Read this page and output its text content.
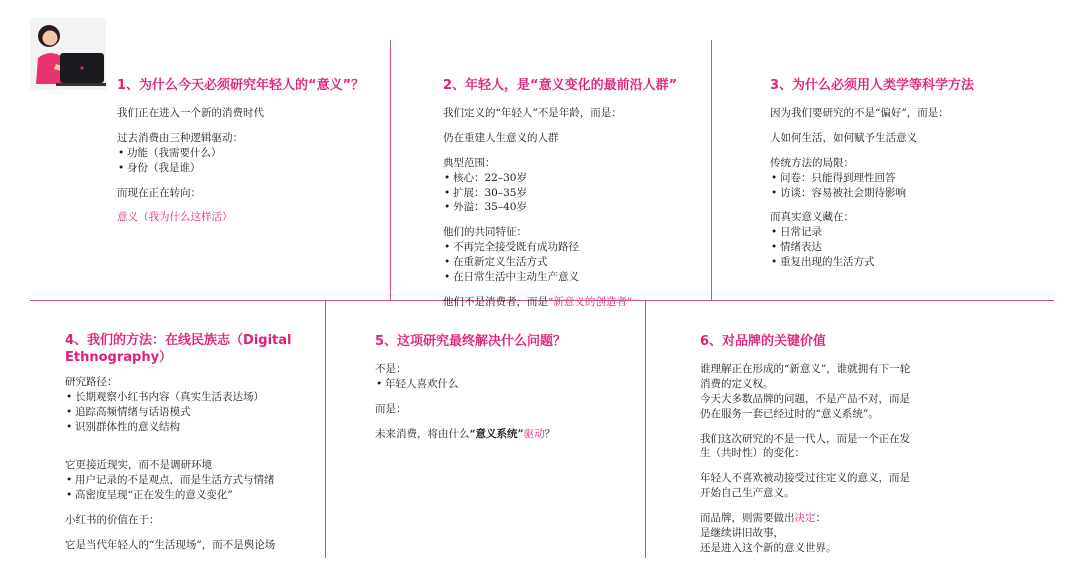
1、为什么今天必须研究年轻人的“意义”？
我们正在进入一个新的消费时代
过去消费由三种逻辑驱动：
• 功能（我需要什么）
• 身份（我是谁）
而现在正在转向：
意义（我为什么这样活）
2、年轻人，是“意义变化的最前沿人群”
我们定义的“年轻人”不是年龄，而是：
仍在重建人生意义的人群
典型范围：
• 核心：22–30岁
• 扩展：30–35岁
• 外溢：35–40岁
他们的共同特征：
• 不再完全接受既有成功路径
• 在重新定义生活方式
• 在日常生活中主动生产意义
他们不是消费者，而是“新意义的创造者”
3、为什么必须用人类学等科学方法
因为我们要研究的不是“偏好”，而是：
人如何生活，如何赋予生活意义
传统方法的局限：
• 问卷：只能得到理性回答
• 访谈：容易被社会期待影响
而真实意义藏在：
• 日常记录
• 情绪表达
• 重复出现的生活方式
4、我们的方法：在线民族志（Digital Ethnography）
研究路径：
• 长期观察小红书内容（真实生活表达场）
• 追踪高频情绪与话语模式
• 识别群体性的意义结构
它更接近现实，而不是调研环境
• 用户记录的不是观点，而是生活方式与情绪
• 高密度呈现“正在发生的意义变化”
小红书的价值在于：
它是当代年轻人的“生活现场”，而不是舆论场
5、这项研究最终解决什么问题？
不是：
• 年轻人喜欢什么
而是：
未来消费，将由什么“意义系统”驱动？
6、对品牌的关键价值
谁理解正在形成的“新意义”，谁就拥有下一轮消费的定义权。
今天大多数品牌的问题，不是产品不对，而是仍在服务一套已经过时的“意义系统”。
我们这次研究的不是一代人，而是一个正在发生（共时性）的变化：
年轻人不喜欢被动接受过往定义的意义，而是开始自己生产意义。
而品牌，则需要做出决定：
是继续讲旧故事，
还是进入这个新的意义世界。
